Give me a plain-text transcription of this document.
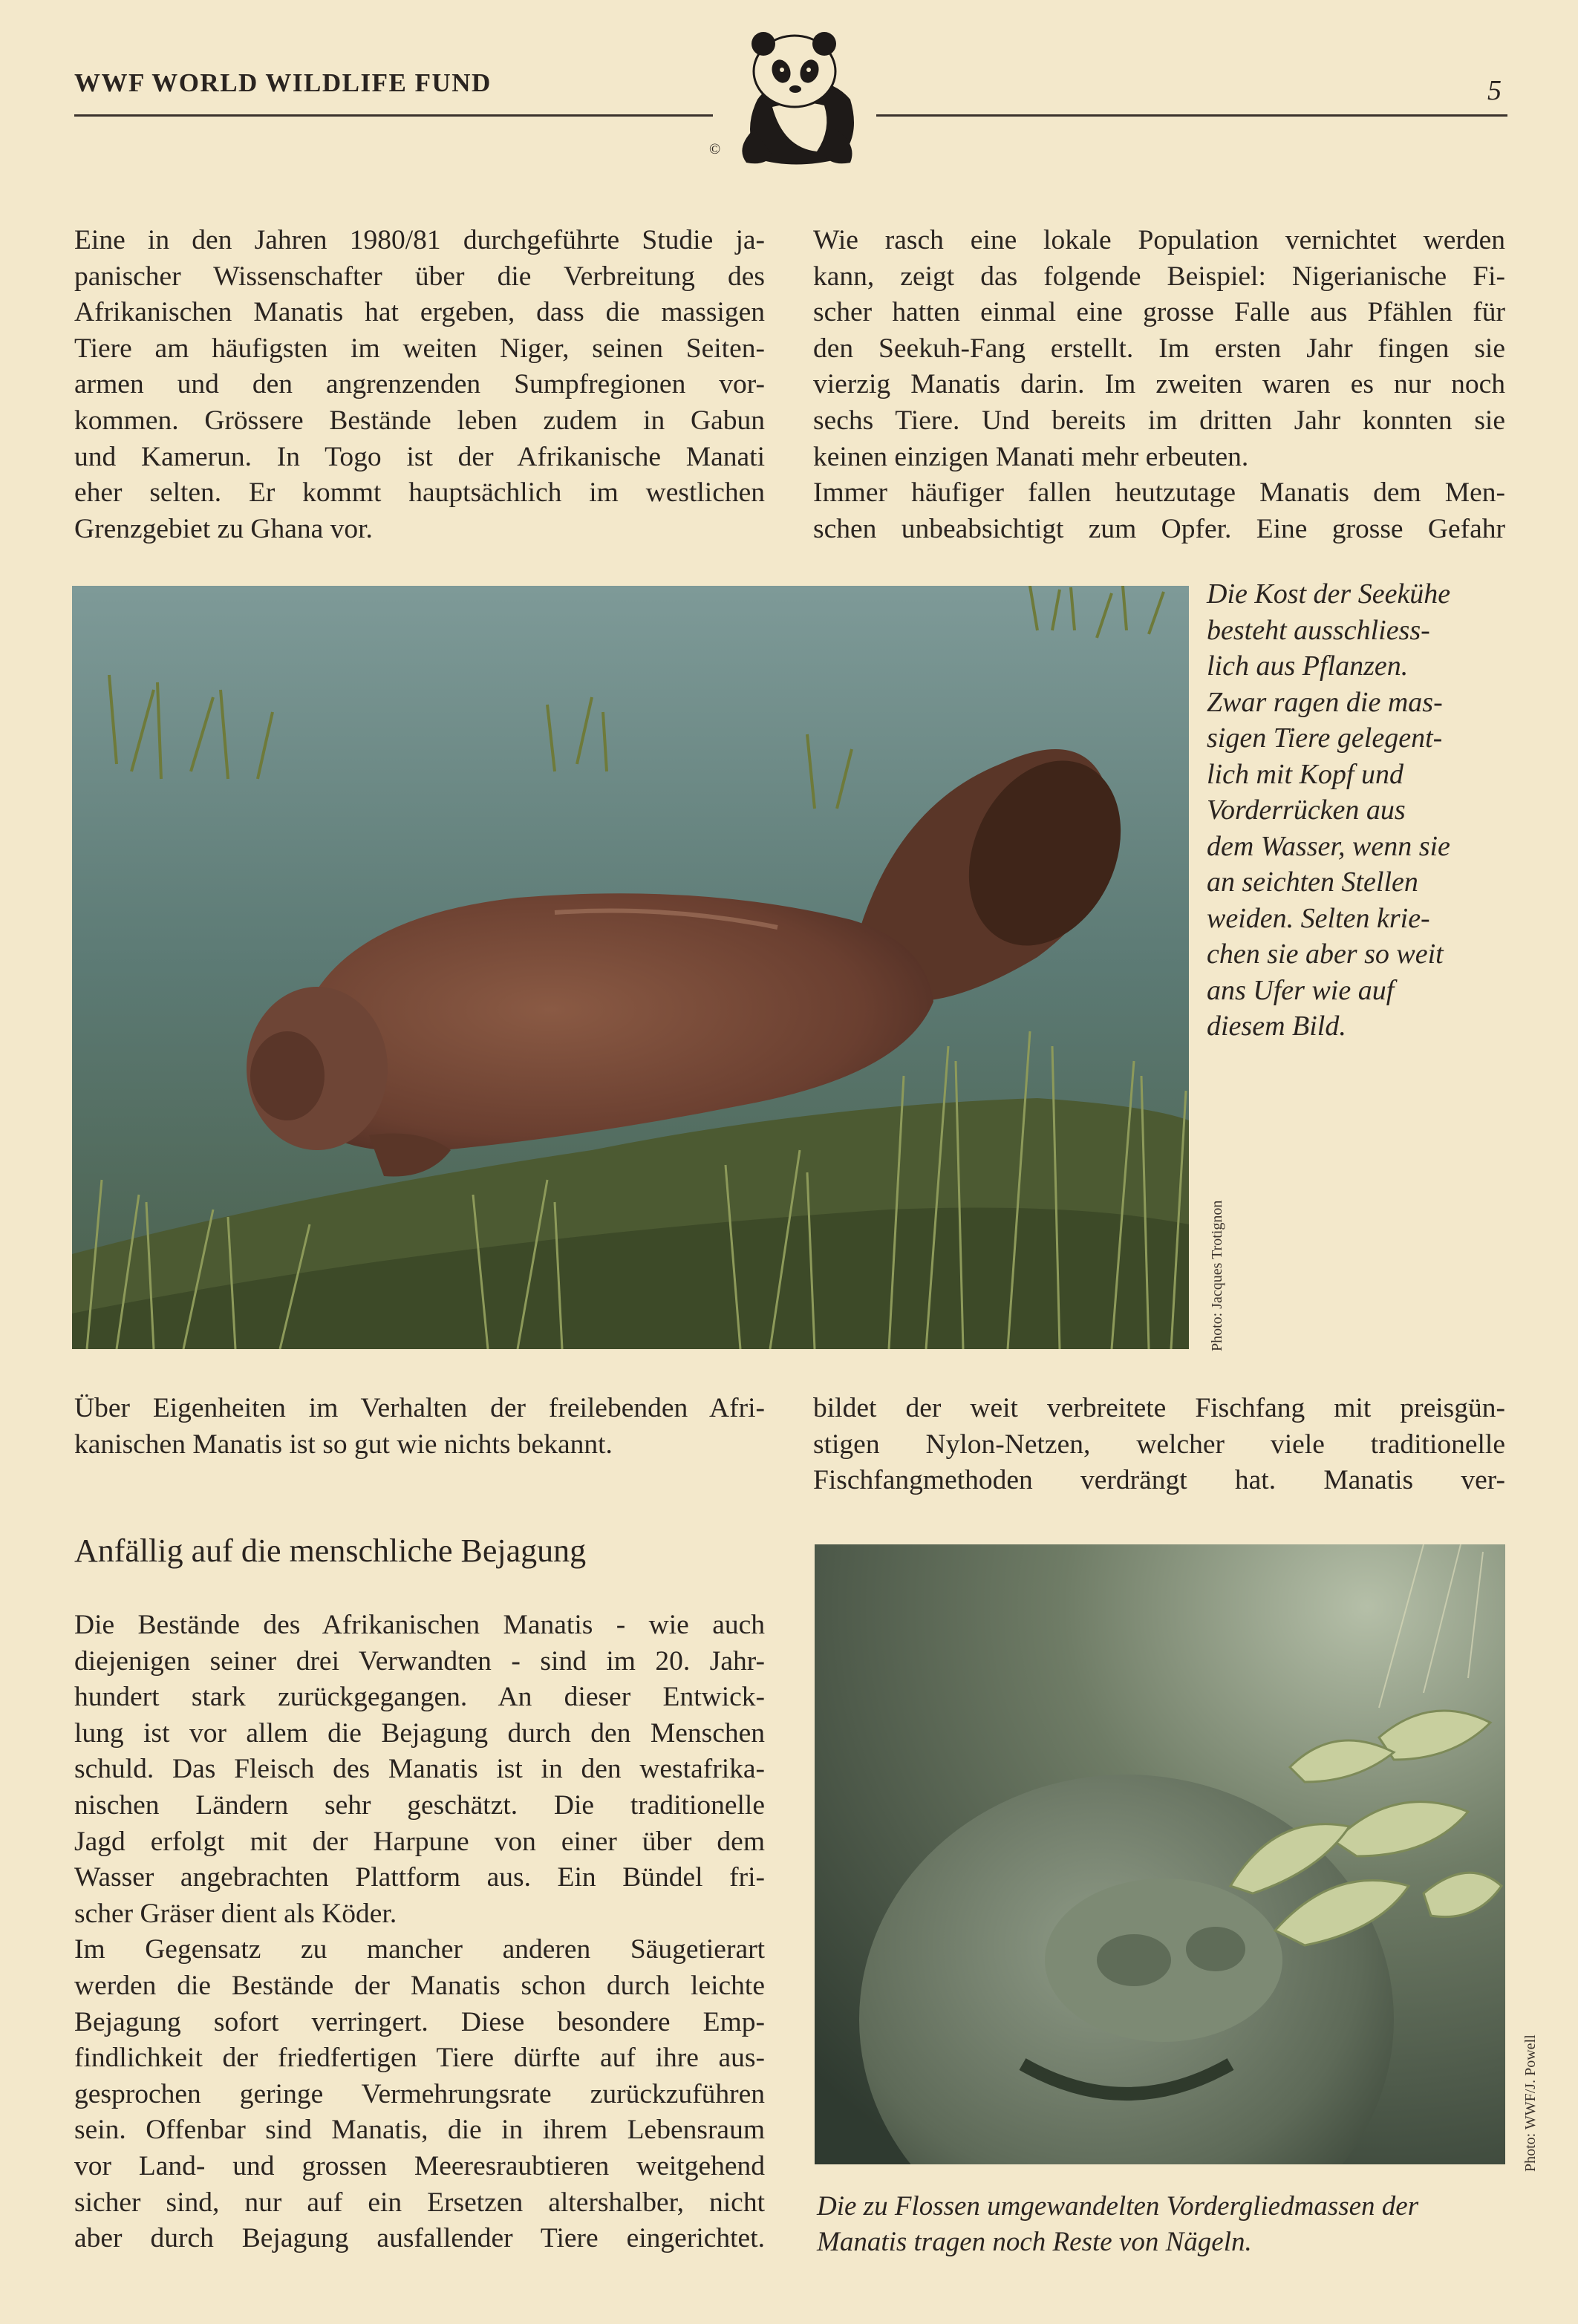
WWF WORLD WILDLIFE FUND	5
©

Eine in den Jahren 1980/81 durchgeführte Studie ja-

panischer Wissenschafter über die Verbreitung des

Afrikanischen Manatis hat ergeben, dass die massigen

Tiere am häufigsten im weiten Niger, seinen Seiten-

armen und den angrenzenden Sumpfregionen vor-

kommen. Grössere Bestände leben zudem in Gabun

und Kamerun. In Togo ist der Afrikanische Manati

eher selten. Er kommt hauptsächlich im westlichen

Grenzgebiet zu Ghana vor.

Wie rasch eine lokale Population vernichtet werden

kann, zeigt das folgende Beispiel: Nigerianische Fi-

scher hatten einmal eine grosse Falle aus Pfählen für

den Seekuh-Fang erstellt. Im ersten Jahr fingen sie

vierzig Manatis darin. Im zweiten waren es nur noch

sechs Tiere. Und bereits im dritten Jahr konnten sie

keinen einzigen Manati mehr erbeuten.

Immer häufiger fallen heutzutage Manatis dem Men-

schen unbeabsichtigt zum Opfer. Eine grosse Gefahr

Die Kost der Seekühe
besteht ausschliess-
lich aus Pflanzen.
Zwar ragen die mas-
sigen Tiere gelegent-
lich mit Kopf und
Vorderrücken aus
dem Wasser, wenn sie
an seichten Stellen
weiden. Selten krie-
chen sie aber so weit
ans Ufer wie auf
diesem Bild.
Photo: Jacques Trotignon

Über Eigenheiten im Verhalten der freilebenden Afri-

kanischen Manatis ist so gut wie nichts bekannt.

bildet der weit verbreitete Fischfang mit preisgün-

stigen Nylon-Netzen, welcher viele traditionelle

Fischfangmethoden verdrängt hat. Manatis ver-

Anfällig auf die menschliche Bejagung

Die Bestände des Afrikanischen Manatis - wie auch

diejenigen seiner drei Verwandten - sind im 20. Jahr-

hundert stark zurückgegangen. An dieser Entwick-

lung ist vor allem die Bejagung durch den Menschen

schuld. Das Fleisch des Manatis ist in den westafrika-

nischen Ländern sehr geschätzt. Die traditionelle

Jagd erfolgt mit der Harpune von einer über dem

Wasser angebrachten Plattform aus. Ein Bündel fri-

scher Gräser dient als Köder.

Im Gegensatz zu mancher anderen Säugetierart

werden die Bestände der Manatis schon durch leichte

Bejagung sofort verringert. Diese besondere Emp-

findlichkeit der friedfertigen Tiere dürfte auf ihre aus-

gesprochen geringe Vermehrungsrate zurückzuführen

sein. Offenbar sind Manatis, die in ihrem Lebensraum

vor Land- und grossen Meeresraubtieren weitgehend

sicher sind, nur auf ein Ersetzen altershalber, nicht

aber durch Bejagung ausfallender Tiere eingerichtet.

Photo: WWF/J. Powell
Die zu Flossen umgewandelten Vordergliedmassen der
Manatis tragen noch Reste von Nägeln.
